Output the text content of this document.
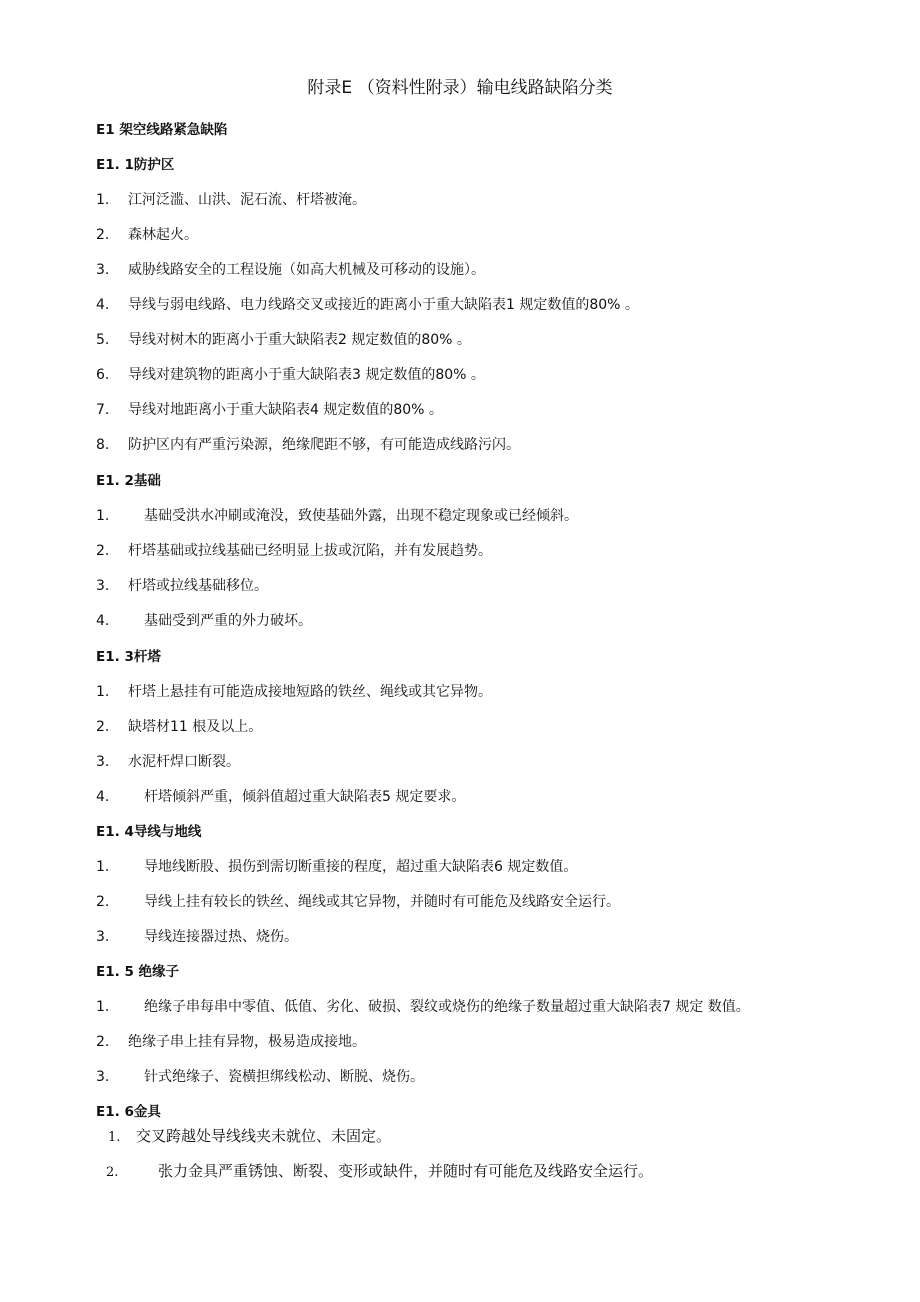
附录E （资料性附录）输电线路缺陷分类
E1 架空线路紧急缺陷
E1. 1防护区
1. 江河泛滥、山洪、泥石流、杆塔被淹。
2. 森林起火。
3. 威胁线路安全的工程设施（如高大机械及可移动的设施）。
4. 导线与弱电线路、电力线路交叉或接近的距离小于重大缺陷表1 规定数值的80% 。
5. 导线对树木的距离小于重大缺陷表2 规定数值的80% 。
6. 导线对建筑物的距离小于重大缺陷表3 规定数值的80% 。
7. 导线对地距离小于重大缺陷表4 规定数值的80% 。
8. 防护区内有严重污染源，绝缘爬距不够，有可能造成线路污闪。
E1. 2基础
1. 基础受洪水冲刷或淹没，致使基础外露，出现不稳定现象或已经倾斜。
2. 杆塔基础或拉线基础已经明显上拔或沉陷，并有发展趋势。
3. 杆塔或拉线基础移位。
4. 基础受到严重的外力破坏。
E1. 3杆塔
1. 杆塔上悬挂有可能造成接地短路的铁丝、绳线或其它异物。
2. 缺塔材11 根及以上。
3. 水泥杆焊口断裂。
4. 杆塔倾斜严重，倾斜值超过重大缺陷表5 规定要求。
E1. 4导线与地线
1. 导地线断股、损伤到需切断重接的程度，超过重大缺陷表6 规定数值。
2. 导线上挂有较长的铁丝、绳线或其它异物，并随时有可能危及线路安全运行。
3. 导线连接器过热、烧伤。
E1. 5 绝缘子
1. 绝缘子串每串中零值、低值、劣化、破损、裂纹或烧伤的绝缘子数量超过重大缺陷表7 规定 数值。
2. 绝缘子串上挂有异物，极易造成接地。
3. 针式绝缘子、瓷横担绑线松动、断脱、烧伤。
E1. 6金具
1. 交叉跨越处导线线夹未就位、未固定。
2.	张力金具严重锈蚀、断裂、变形或缺件，并随时有可能危及线路安全运行。
